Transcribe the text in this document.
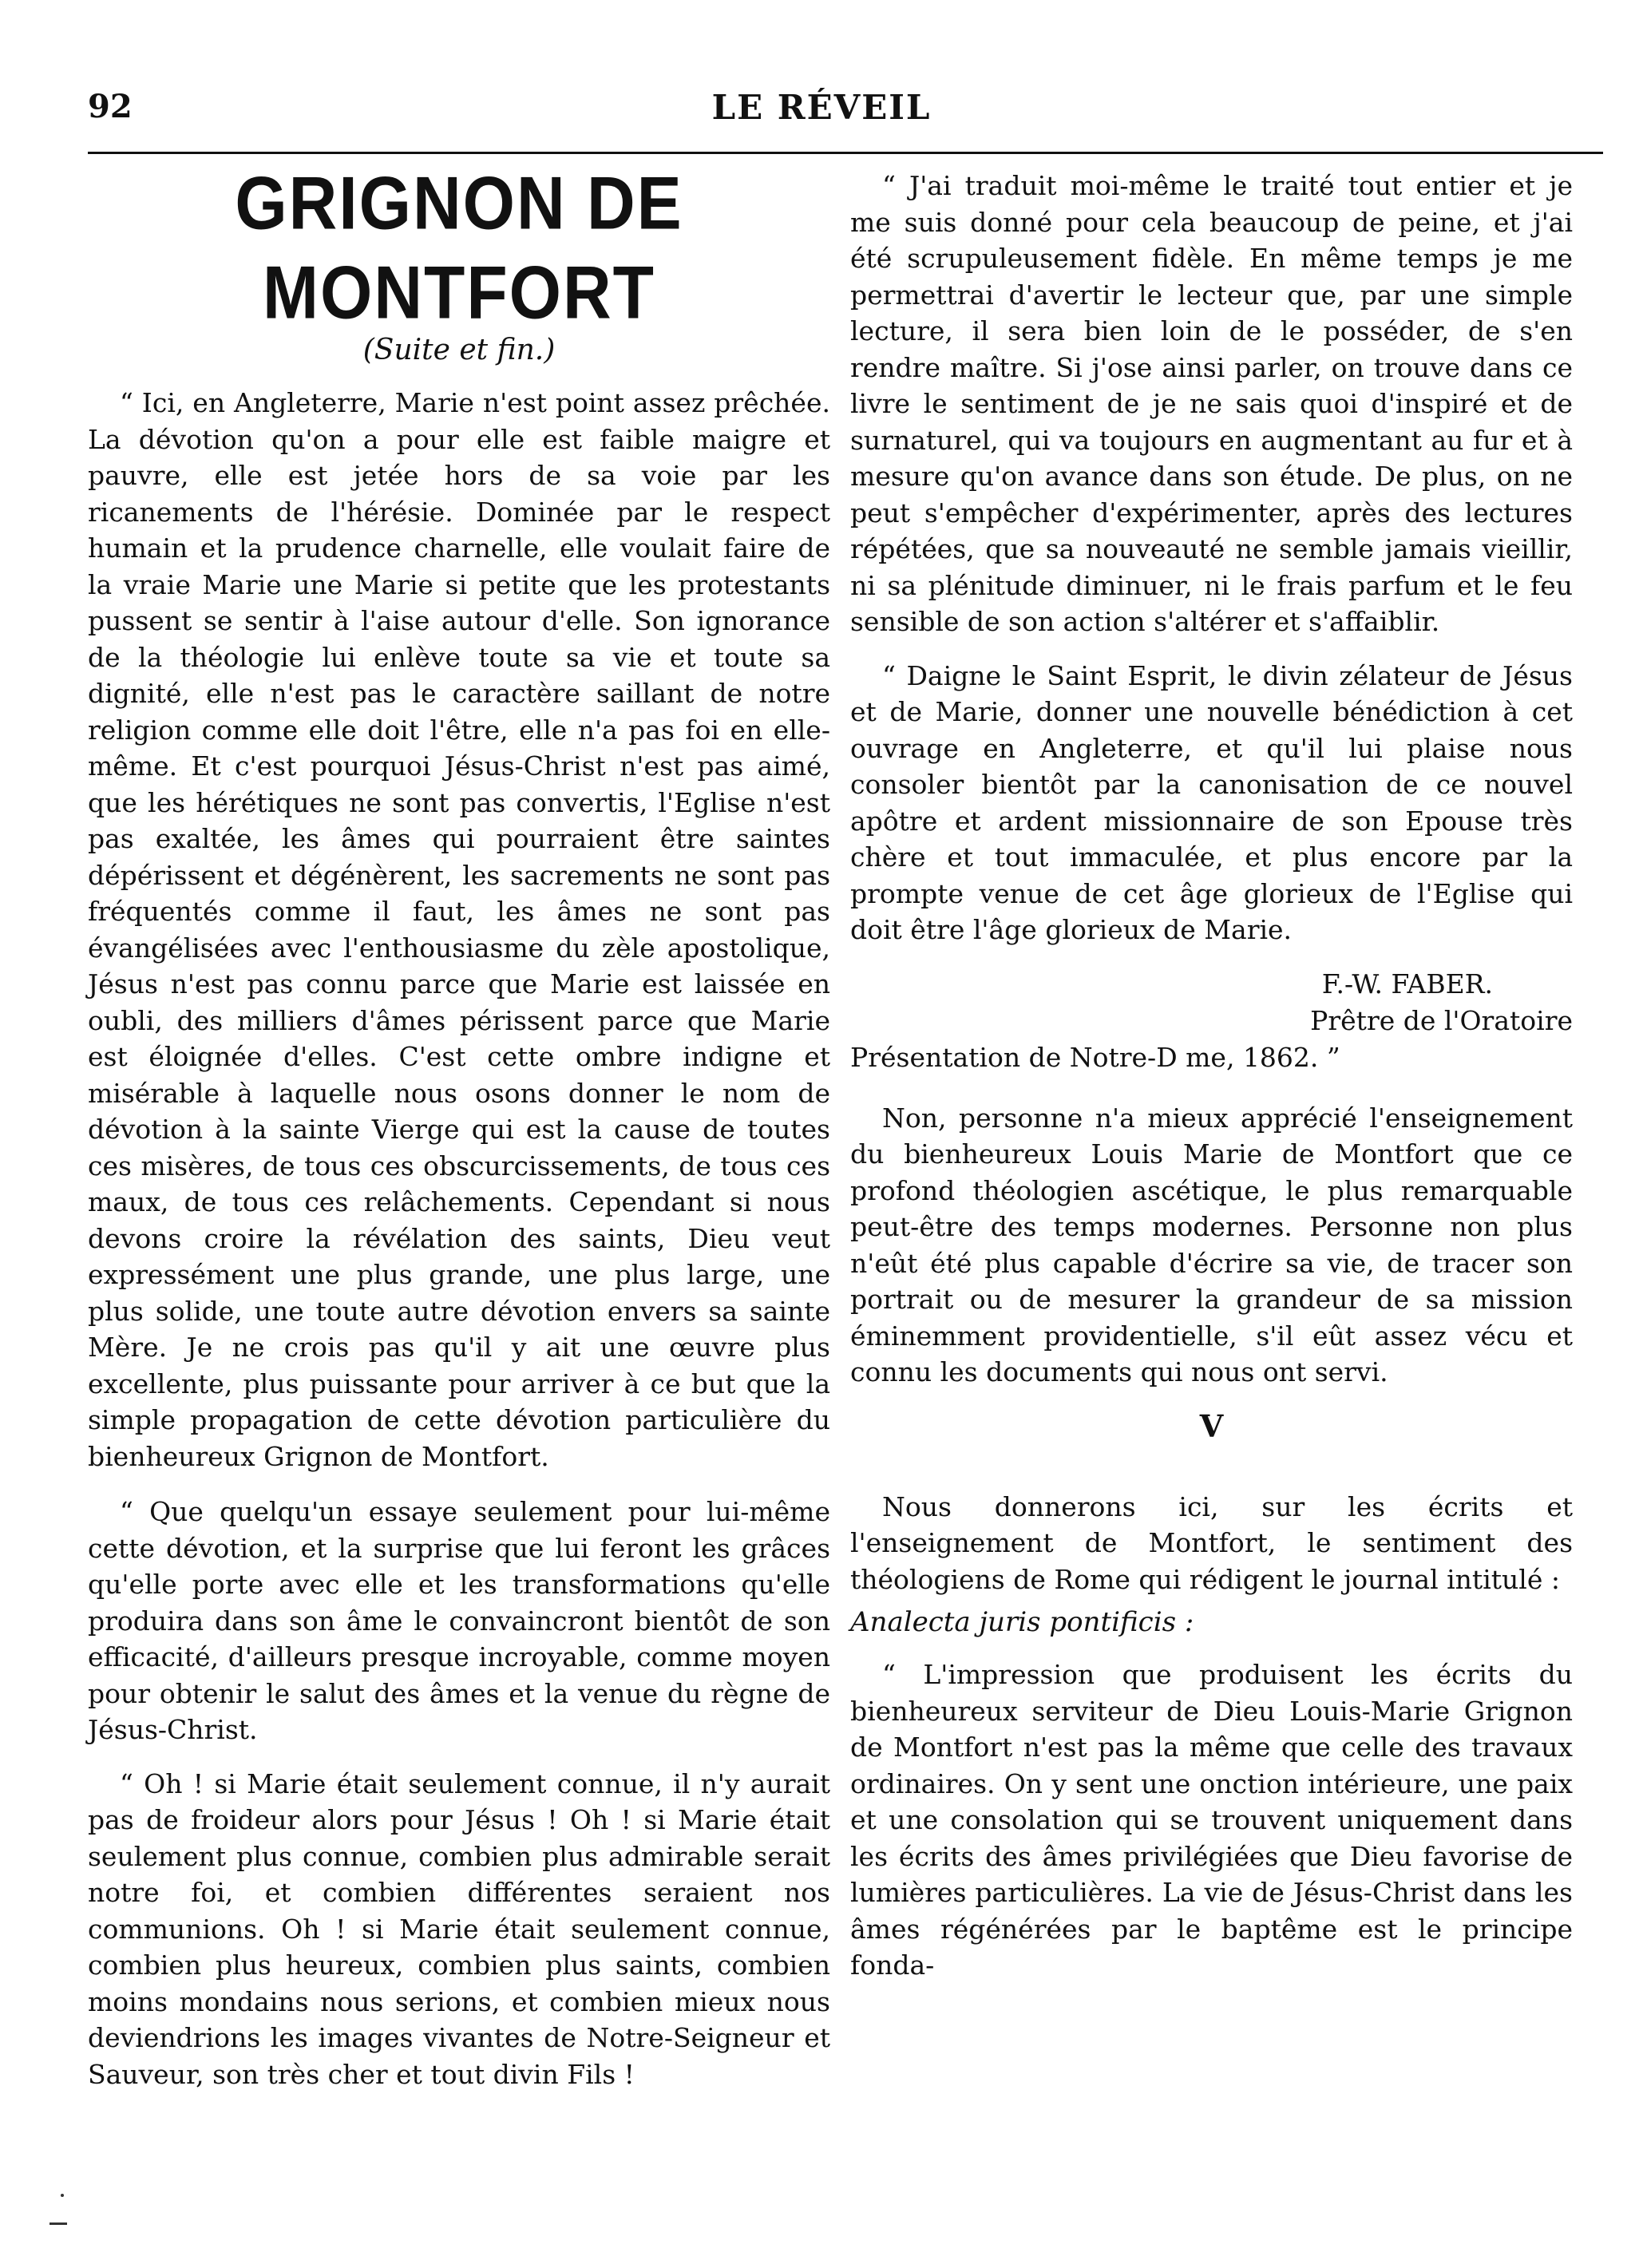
92	LE RÉVEIL
GRIGNON DE MONTFORT
(Suite et fin.)

“ Ici, en Angleterre, Marie n'est point assez prêchée. La dévotion qu'on a pour elle est faible maigre et pauvre, elle est jetée hors de sa voie par les ricanements de l'hérésie. Dominée par le respect humain et la prudence charnelle, elle voulait faire de la vraie Marie une Marie si petite que les protestants pussent se sentir à l'aise autour d'elle. Son ignorance de la théologie lui enlève toute sa vie et toute sa dignité, elle n'est pas le caractère saillant de notre religion comme elle doit l'être, elle n'a pas foi en elle-même. Et c'est pourquoi Jésus-Christ n'est pas aimé, que les hérétiques ne sont pas convertis, l'Eglise n'est pas exaltée, les âmes qui pourraient être saintes dépérissent et dégénèrent, les sacrements ne sont pas fréquentés comme il faut, les âmes ne sont pas évangélisées avec l'enthousiasme du zèle apostolique, Jésus n'est pas connu parce que Marie est laissée en oubli, des milliers d'âmes périssent parce que Marie est éloignée d'elles. C'est cette ombre indigne et misérable à laquelle nous osons donner le nom de dévotion à la sainte Vierge qui est la cause de toutes ces misères, de tous ces obscurcissements, de tous ces maux, de tous ces relâchements. Cependant si nous devons croire la révélation des saints, Dieu veut expressément une plus grande, une plus large, une plus solide, une toute autre dévotion envers sa sainte Mère. Je ne crois pas qu'il y ait une œuvre plus excellente, plus puissante pour arriver à ce but que la simple propagation de cette dévotion particulière du bienheureux Grignon de Montfort.

“ Que quelqu'un essaye seulement pour lui-même cette dévotion, et la surprise que lui feront les grâces qu'elle porte avec elle et les transformations qu'elle produira dans son âme le convaincront bientôt de son efficacité, d'ailleurs presque incroyable, comme moyen pour obtenir le salut des âmes et la venue du règne de Jésus-Christ.

“ Oh ! si Marie était seulement connue, il n'y aurait pas de froideur alors pour Jésus ! Oh ! si Marie était seulement plus connue, combien plus admirable serait notre foi, et combien différentes seraient nos communions. Oh ! si Marie était seulement connue, combien plus heureux, combien plus saints, combien moins mondains nous serions, et combien mieux nous deviendrions les images vivantes de Notre-Seigneur et Sauveur, son très cher et tout divin Fils !

“ J'ai traduit moi-même le traité tout entier et je me suis donné pour cela beaucoup de peine, et j'ai été scrupuleusement fidèle. En même temps je me permettrai d'avertir le lecteur que, par une simple lecture, il sera bien loin de le posséder, de s'en rendre maître. Si j'ose ainsi parler, on trouve dans ce livre le sentiment de je ne sais quoi d'inspiré et de surnaturel, qui va toujours en augmentant au fur et à mesure qu'on avance dans son étude. De plus, on ne peut s'empêcher d'expérimenter, après des lectures répétées, que sa nouveauté ne semble jamais vieillir, ni sa plénitude diminuer, ni le frais parfum et le feu sensible de son action s'altérer et s'affaiblir.

“ Daigne le Saint Esprit, le divin zélateur de Jésus et de Marie, donner une nouvelle bénédiction à cet ouvrage en Angleterre, et qu'il lui plaise nous consoler bientôt par la canonisation de ce nouvel apôtre et ardent missionnaire de son Epouse très chère et tout immaculée, et plus encore par la prompte venue de cet âge glorieux de l'Eglise qui doit être l'âge glorieux de Marie.

F.-W. FABER.
Prêtre de l'Oratoire
Présentation de Notre-D me, 1862. ”

Non, personne n'a mieux apprécié l'enseignement du bienheureux Louis Marie de Montfort que ce profond théologien ascétique, le plus remarquable peut-être des temps modernes. Personne non plus n'eût été plus capable d'écrire sa vie, de tracer son portrait ou de mesurer la grandeur de sa mission éminemment providentielle, s'il eût assez vécu et connu les documents qui nous ont servi.

V

Nous donnerons ici, sur les écrits et l'enseignement de Montfort, le sentiment des théologiens de Rome qui rédigent le journal intitulé :

Analecta juris pontificis :

“ L'impression que produisent les écrits du bienheureux serviteur de Dieu Louis-Marie Grignon de Montfort n'est pas la même que celle des travaux ordinaires. On y sent une onction intérieure, une paix et une consolation qui se trouvent uniquement dans les écrits des âmes privilégiées que Dieu favorise de lumières particulières. La vie de Jésus-Christ dans les âmes régénérées par le baptême est le principe fonda-
